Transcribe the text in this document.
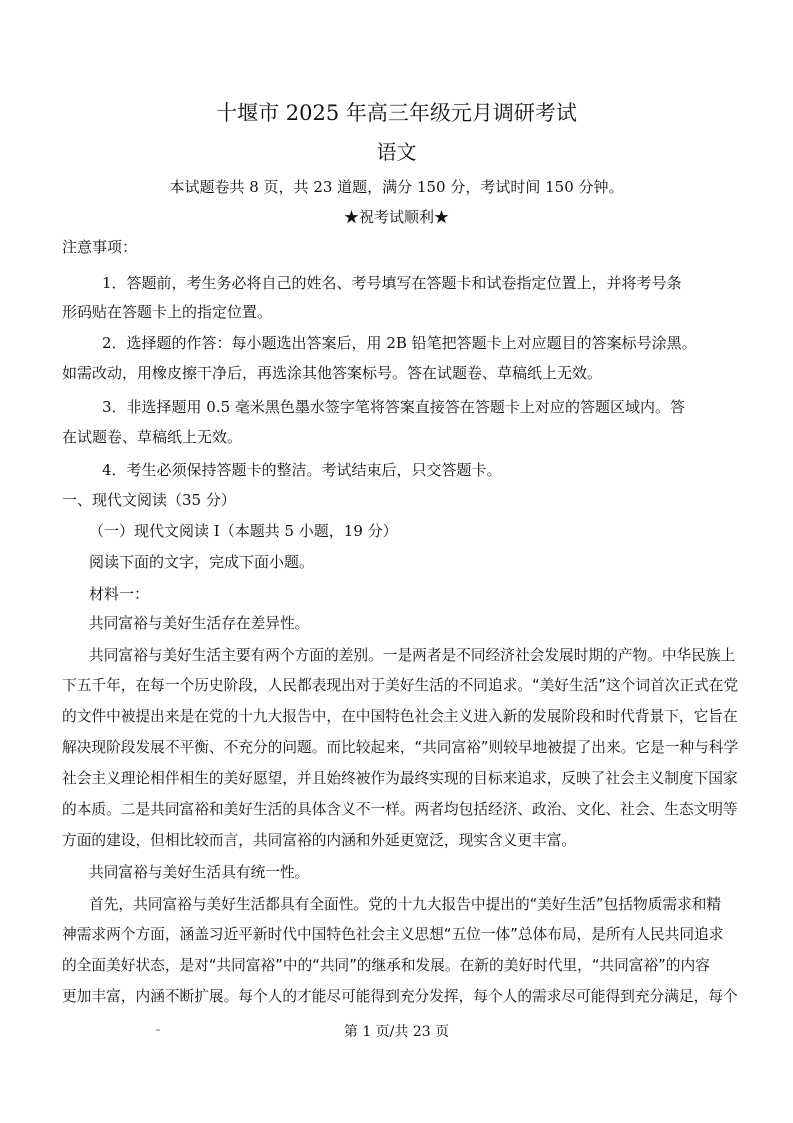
十堰市 2025 年高三年级元月调研考试
语文
本试题卷共 8 页，共 23 道题，满分 150 分，考试时间 150 分钟。
★祝考试顺利★
注意事项：
1．答题前，考生务必将自己的姓名、考号填写在答题卡和试卷指定位置上，并将考号条
形码贴在答题卡上的指定位置。
2．选择题的作答：每小题选出答案后，用 2B 铅笔把答题卡上对应题目的答案标号涂黑。
如需改动，用橡皮擦干净后，再选涂其他答案标号。答在试题卷、草稿纸上无效。
3．非选择题用 0.5 毫米黑色墨水签字笔将答案直接答在答题卡上对应的答题区域内。答
在试题卷、草稿纸上无效。
4．考生必须保持答题卡的整洁。考试结束后，只交答题卡。
一、现代文阅读（35 分）
（一）现代文阅读 I（本题共 5 小题，19 分）
阅读下面的文字，完成下面小题。
材料一：
共同富裕与美好生活存在差异性。
共同富裕与美好生活主要有两个方面的差别。一是两者是不同经济社会发展时期的产物。中华民族上
下五千年，在每一个历史阶段，人民都表现出对于美好生活的不同追求。“美好生活”这个词首次正式在党
的文件中被提出来是在党的十九大报告中，在中国特色社会主义进入新的发展阶段和时代背景下，它旨在
解决现阶段发展不平衡、不充分的问题。而比较起来，“共同富裕”则较早地被提了出来。它是一种与科学
社会主义理论相伴相生的美好愿望，并且始终被作为最终实现的目标来追求，反映了社会主义制度下国家
的本质。二是共同富裕和美好生活的具体含义不一样。两者均包括经济、政治、文化、社会、生态文明等
方面的建设，但相比较而言，共同富裕的内涵和外延更宽泛，现实含义更丰富。
共同富裕与美好生活具有统一性。
首先，共同富裕与美好生活都具有全面性。党的十九大报告中提出的“美好生活”包括物质需求和精
神需求两个方面，涵盖习近平新时代中国特色社会主义思想“五位一体”总体布局，是所有人民共同追求
的全面美好状态，是对“共同富裕”中的“共同”的继承和发展。在新的美好时代里，“共同富裕”的内容
更加丰富，内涵不断扩展。每个人的才能尽可能得到充分发挥，每个人的需求尽可能得到充分满足，每个
第 1 页/共 23 页
